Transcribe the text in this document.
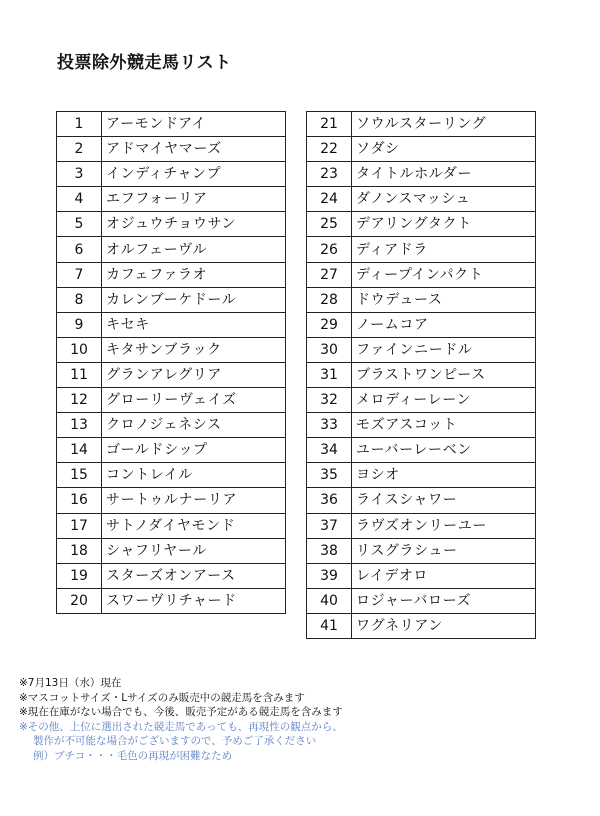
投票除外競走馬リスト
1	アーモンドアイ
2	アドマイヤマーズ
3	インディチャンプ
4	エフフォーリア
5	オジュウチョウサン
6	オルフェーヴル
7	カフェファラオ
8	カレンブーケドール
9	キセキ
10	キタサンブラック
11	グランアレグリア
12	グローリーヴェイズ
13	クロノジェネシス
14	ゴールドシップ
15	コントレイル
16	サートゥルナーリア
17	サトノダイヤモンド
18	シャフリヤール
19	スターズオンアース
20	スワーヴリチャード
21	ソウルスターリング
22	ソダシ
23	タイトルホルダー
24	ダノンスマッシュ
25	デアリングタクト
26	ディアドラ
27	ディープインパクト
28	ドウデュース
29	ノームコア
30	ファインニードル
31	ブラストワンピース
32	メロディーレーン
33	モズアスコット
34	ユーバーレーベン
35	ヨシオ
36	ライスシャワー
37	ラヴズオンリーユー
38	リスグラシュー
39	レイデオロ
40	ロジャーバローズ
41	ワグネリアン
※7月13日（水）現在
※マスコットサイズ・Lサイズのみ販売中の競走馬を含みます
※現在在庫がない場合でも、今後、販売予定がある競走馬を含みます
※その他、上位に選出された競走馬であっても、再現性の観点から、
製作が不可能な場合がございますので、予めご了承ください
例）ブチコ・・・毛色の再現が困難なため
